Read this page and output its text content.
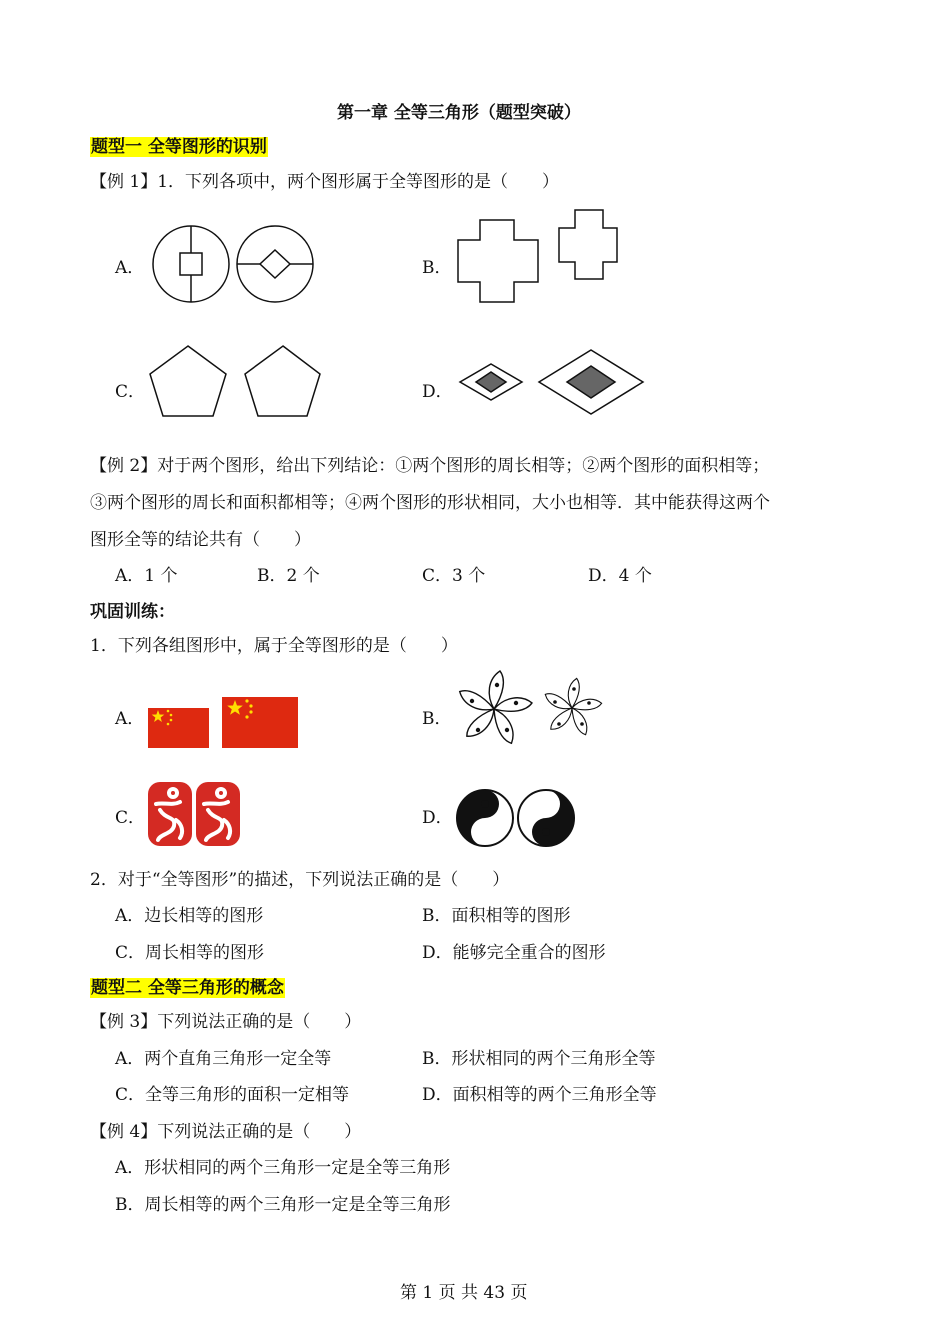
第一章 全等三角形（题型突破）
题型一 全等图形的识别
【例 1】1．下列各项中，两个图形属于全等图形的是（　　）
A．	B．
C．	D．
【例 2】对于两个图形，给出下列结论：①两个图形的周长相等；②两个图形的面积相等；
③两个图形的周长和面积都相等；④两个图形的形状相同，大小也相等．其中能获得这两个
图形全等的结论共有（　　）
A．1 个	B．2 个	C．3 个	D．4 个
巩固训练：
1．下列各组图形中，属于全等图形的是（　　）
A．	B．
C．	D．
2．对于“全等图形”的描述，下列说法正确的是（　　）
A．边长相等的图形	B．面积相等的图形
C．周长相等的图形	D．能够完全重合的图形
题型二 全等三角形的概念
【例 3】下列说法正确的是（　　）
A．两个直角三角形一定全等	B．形状相同的两个三角形全等
C．全等三角形的面积一定相等	D．面积相等的两个三角形全等
【例 4】下列说法正确的是（　　）
A．形状相同的两个三角形一定是全等三角形
B．周长相等的两个三角形一定是全等三角形
第 1 页 共 43 页
